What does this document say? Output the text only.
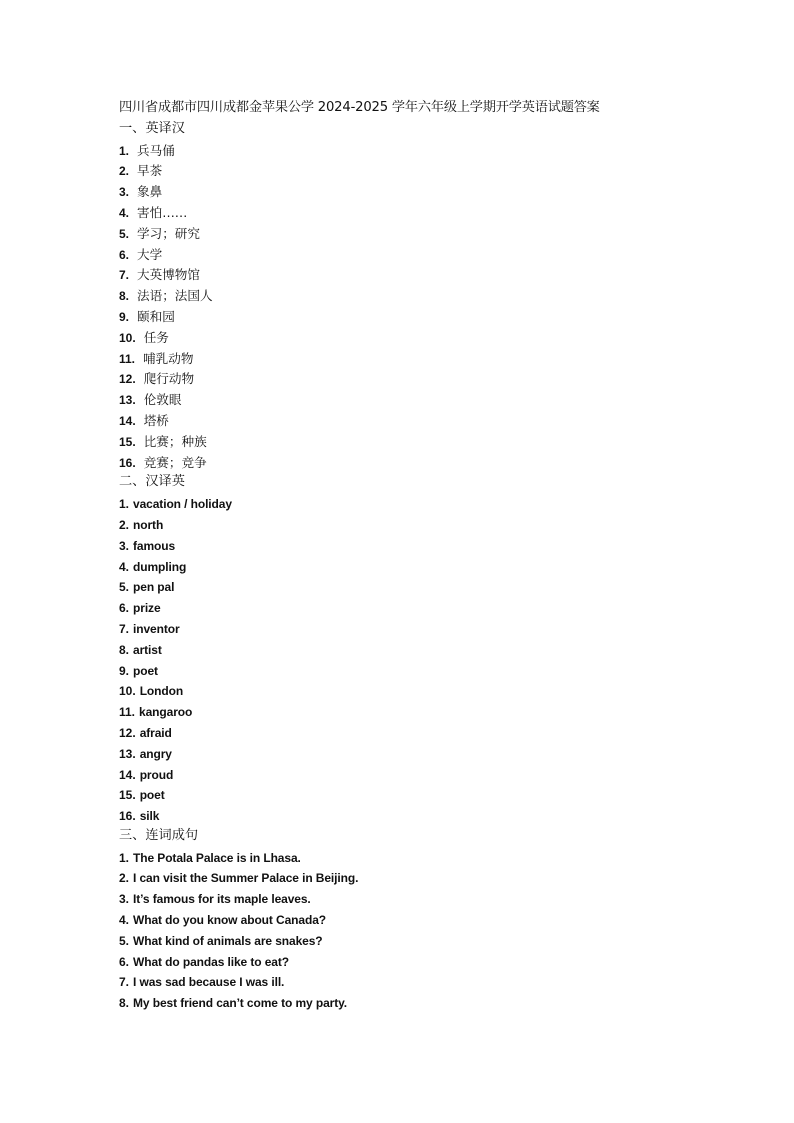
四川省成都市四川成都金苹果公学 2024-2025 学年六年级上学期开学英语试题答案
一、英译汉
1. 兵马俑
2. 早茶
3. 象鼻
4. 害怕……
5. 学习；研究
6. 大学
7. 大英博物馆
8. 法语；法国人
9. 颐和园
10. 任务
11. 哺乳动物
12. 爬行动物
13. 伦敦眼
14. 塔桥
15. 比赛；种族
16. 竞赛；竞争
二、汉译英
1. vacation / holiday
2. north
3. famous
4. dumpling
5. pen pal
6. prize
7. inventor
8. artist
9. poet
10. London
11. kangaroo
12. afraid
13. angry
14. proud
15. poet
16. silk
三、连词成句
1. The Potala Palace is in Lhasa.
2. I can visit the Summer Palace in Beijing.
3. It’s famous for its maple leaves.
4. What do you know about Canada?
5. What kind of animals are snakes?
6. What do pandas like to eat?
7. I was sad because I was ill.
8. My best friend can’t come to my party.
